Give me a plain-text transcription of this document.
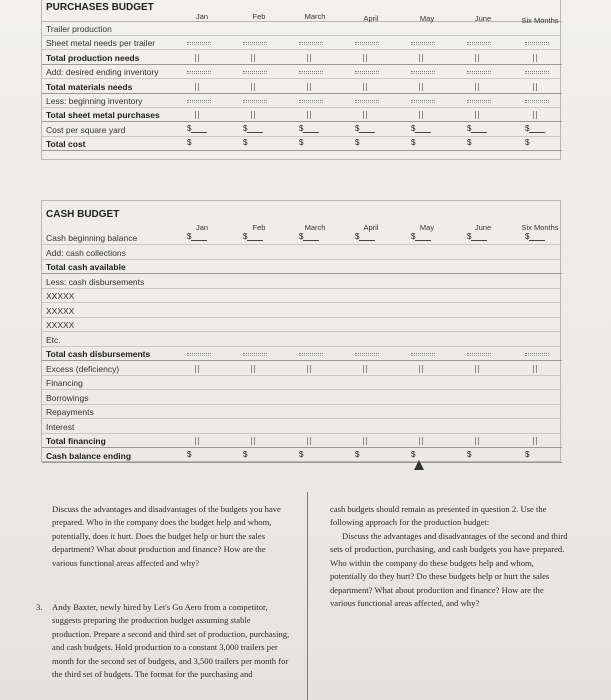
PURCHASES BUDGET
Jan	Feb	March	April	May	June	Six Months
Trailer production
Sheet metal needs per trailer
Total production needs
Add: desired ending inventory
Total materials needs
Less: beginning inventory
Total sheet metal purchases
Cost per square yard	$	$	$	$	$	$	$
Total cost	$	$	$	$	$	$	$
CASH BUDGET
Jan	Feb	March	April	May	June	Six Months
Cash beginning balance	$	$	$	$	$	$	$
Add: cash collections
Total cash available
Less: cash disbursements
XXXXX
XXXXX
XXXXX
Etc.
Total cash disbursements
Excess (deficiency)
Financing
Borrowings
Repayments
Interest
Total financing
Cash balance ending	$	$	$	$	$	$	$
Discuss the advantages and disadvantages of the budgets you have prepared. Who in the company does the budget help and whom, potentially, does it hurt. Does the budget help or hurt the sales department? What about production and finance? How are the various functional areas affected and why?
3.	Andy Baxter, newly hired by Let's Go Aero from a competitor, suggests preparing the production budget assuming stable production. Prepare a second and third set of production, purchasing, and cash budgets. Hold production to a constant 3,000 trailers per month for the second set of budgets, and 3,500 trailers per month for the third set of budgets. The format for the purchasing and
cash budgets should remain as presented in question 2. Use the following approach for the production budget:
Discuss the advantages and disadvantages of the second and third sets of production, purchasing, and cash budgets you have prepared. Who within the company do these budgets help and whom, potentially do they hurt? Do these budgets help or hurt the sales department? What about production and finance? How are the various functional areas affected, and why?
